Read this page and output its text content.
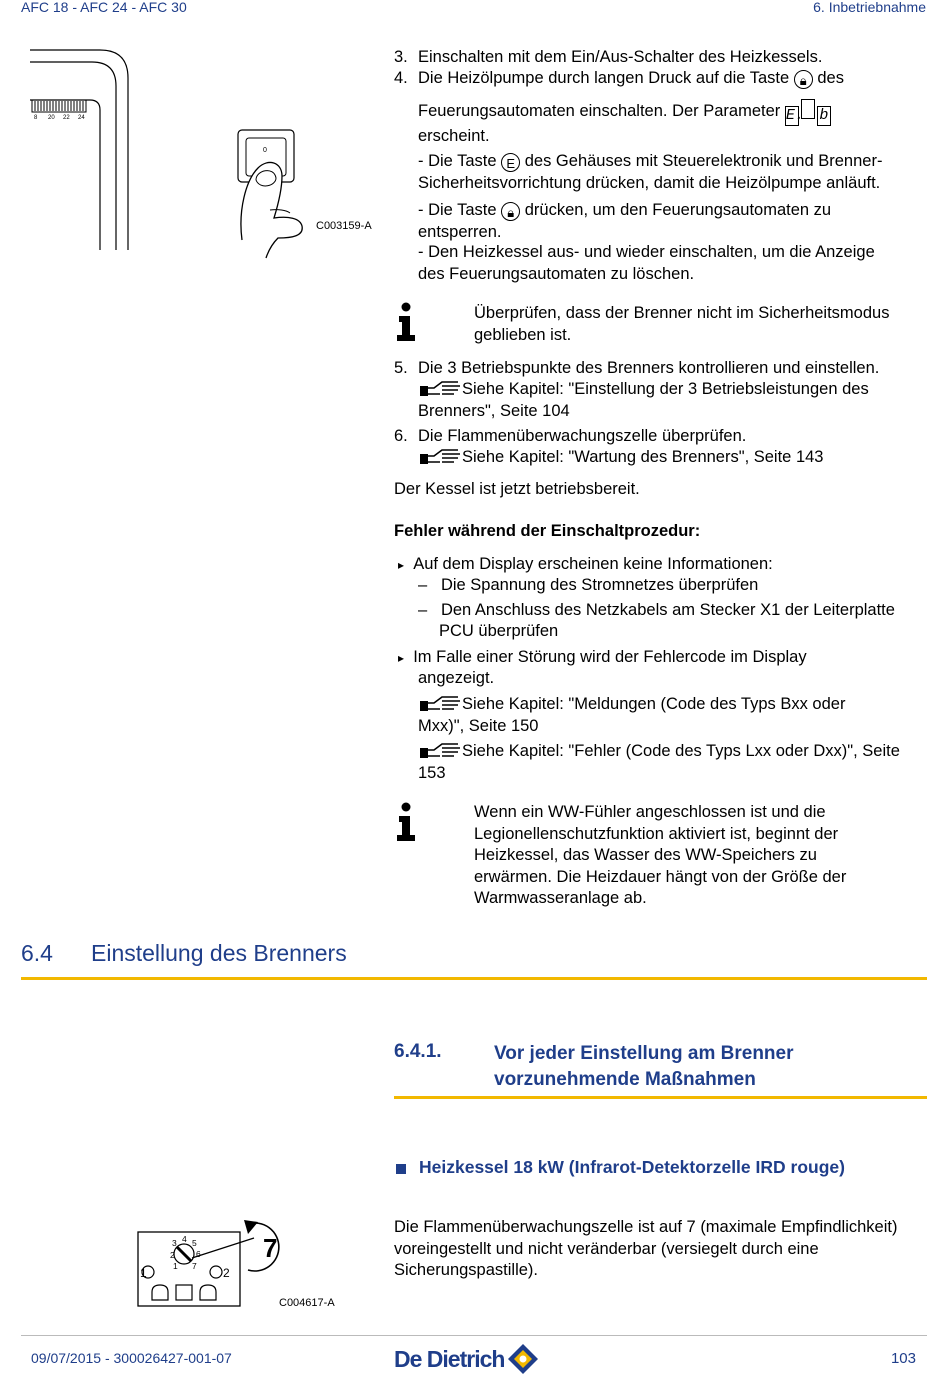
AFC 18 - AFC 24 - AFC 30	6. Inbetriebnahme
8 20 22 24
0
C003159-A
3. Einschalten mit dem Ein/Aus-Schalter des Heizkessels.
4. Die Heizölpumpe durch langen Druck auf die Taste 🔒︎ des
Feuerungsautomaten einschalten. Der Parameter E. b
erscheint.
- Die Taste E des Gehäuses mit Steuerelektronik und Brenner-
Sicherheitsvorrichtung drücken, damit die Heizölpumpe anläuft.
- Die Taste 🔒︎ drücken, um den Feuerungsautomaten zu
entsperren.
- Den Heizkessel aus- und wieder einschalten, um die Anzeige
des Feuerungsautomaten zu löschen.
Überprüfen, dass der Brenner nicht im Sicherheitsmodus
geblieben ist.
5. Die 3 Betriebspunkte des Brenners kontrollieren und einstellen.
Siehe Kapitel: "Einstellung der 3 Betriebsleistungen des
Brenners", Seite 104
6. Die Flammenüberwachungszelle überprüfen.
Siehe Kapitel: "Wartung des Brenners", Seite 143
Der Kessel ist jetzt betriebsbereit.
Fehler während der Einschaltprozedur:
▸ Auf dem Display erscheinen keine Informationen:
– Die Spannung des Stromnetzes überprüfen
– Den Anschluss des Netzkabels am Stecker X1 der Leiterplatte
PCU überprüfen
▸ Im Falle einer Störung wird der Fehlercode im Display
angezeigt.
Siehe Kapitel: "Meldungen (Code des Typs Bxx oder
Mxx)", Seite 150
Siehe Kapitel: "Fehler (Code des Typs Lxx oder Dxx)", Seite
153
Wenn ein WW-Fühler angeschlossen ist und die
Legionellenschutzfunktion aktiviert ist, beginnt der
Heizkessel, das Wasser des WW-Speichers zu
erwärmen. Die Heizdauer hängt von der Größe der
Warmwasseranlage ab.
6.4 Einstellung des Brenners
6.4.1.	Vor jeder Einstellung am Brenner
vorzunehmende Maßnahmen
Heizkessel 18 kW (Infrarot-Detektorzelle IRD rouge)
Die Flammenüberwachungszelle ist auf 7 (maximale Empfindlichkeit)
voreingestellt und nicht veränderbar (versiegelt durch eine
Sicherungspastille).
3 4 5
2	6
1 7
1	2
7
C004617-A
09/07/2015 - 300026427-001-07	De Dietrich	103
